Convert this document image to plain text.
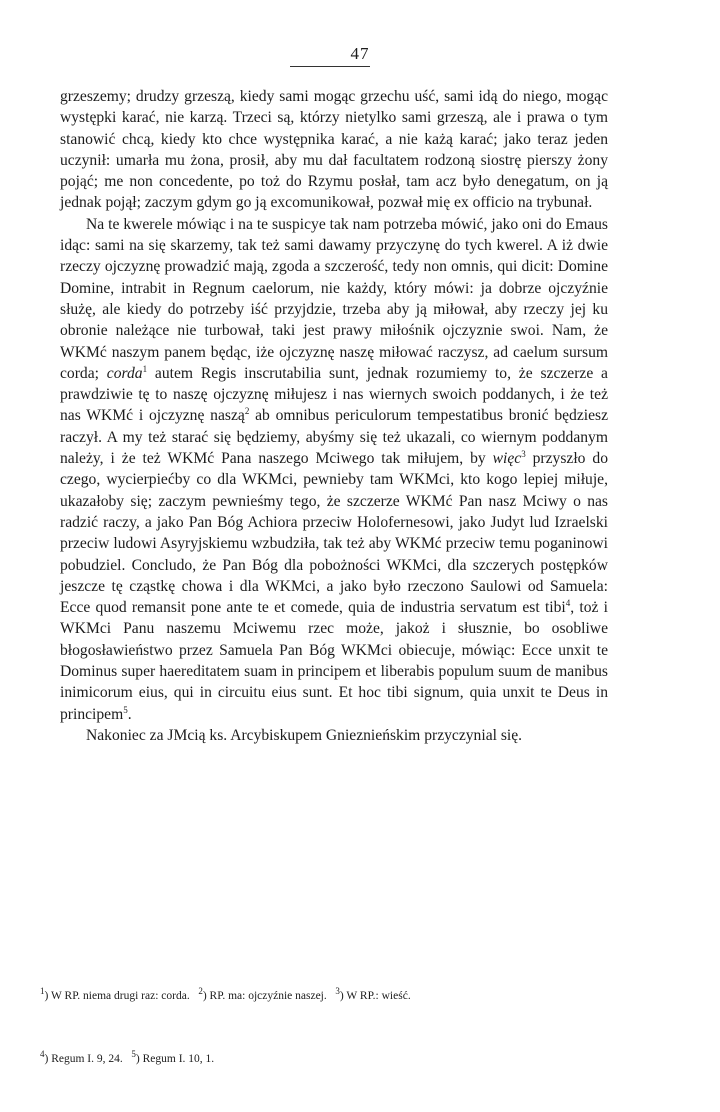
47

grzeszemy; drudzy grzeszą, kiedy sami mogąc grzechu uść, sami idą do niego, mogąc występki karać, nie karzą. Trzeci są, którzy nietylko sami grzeszą, ale i prawa o tym stanowić chcą, kiedy kto chce występnika karać, a nie każą karać; jako teraz jeden uczynił: umarła mu żona, prosił, aby mu dał facultatem rodzoną siostrę pierszy żony pojąć; me non concedente, po toż do Rzymu posłał, tam acz było denegatum, on ją jednak pojął; zaczym gdym go ją excomunikował, pozwał mię ex officio na trybunał.

Na te kwerele mówiąc i na te suspicye tak nam potrzeba mówić, jako oni do Emaus idąc: sami na się skarzemy, tak też sami dawamy przyczynę do tych kwerel. A iż dwie rzeczy ojczyznę prowadzić mają, zgoda a szczerość, tedy non omnis, qui dicit: Domine Domine, intrabit in Regnum caelorum, nie każdy, który mówi: ja dobrze ojczyźnie służę, ale kiedy do potrzeby iść przyjdzie, trzeba aby ją miłował, aby rzeczy jej ku obronie należące nie turbował, taki jest prawy miłośnik ojczyznie swoi. Nam, że WKMć naszym panem będąc, iże ojczyznę naszę miłować raczysz, ad caelum sursum corda; corda$^1$ autem Regis inscrutabilia sunt, jednak rozumiemy to, że szczerze a prawdziwie tę to naszę ojczyznę miłujesz i nas wiernych swoich poddanych, i że też nas WKMć i ojczyznę naszą$^2$ ab omnibus periculorum tempestatibus bronić będziesz raczył. A my też starać się będziemy, abyśmy się też ukazali, co wiernym poddanym należy, i że też WKMć Pana naszego Mciwego tak miłujem, by więc$^3$ przyszło do czego, wycierpiećby co dla WKMci, pewnieby tam WKMci, kto kogo lepiej miłuje, ukazałoby się; zaczym pewnieśmy tego, że szczerze WKMć Pan nasz Mciwy o nas radzić raczy, a jako Pan Bóg Achiora przeciw Holofernesowi, jako Judyt lud Izraelski przeciw ludowi Asyryjskiemu wzbudziła, tak też aby WKMć przeciw temu poganinowi pobudziel. Concludo, że Pan Bóg dla pobożności WKMci, dla szczerych postępków jeszcze tę cząstkę chowa i dla WKMci, a jako było rzeczono Saulowi od Samuela: Ecce quod remansit pone ante te et comede, quia de industria servatum est tibi$^4$, toż i WKMci Panu naszemu Mciwemu rzec może, jakoż i słusznie, bo osobliwe błogosławieństwo przez Samuela Pan Bóg WKMci obiecuje, mówiąc: Ecce unxit te Dominus super haereditatem suam in principem et liberabis populum suum de manibus inimicorum eius, qui in circuitu eius sunt. Et hoc tibi signum, quia unxit te Deus in principem$^5$.

Nakoniec za JMcią ks. Arcybiskupem Gnieznieńskim przyczynial się.

$^1$) W RP. niema drugi raz: corda.   $^2$) RP. ma: ojczyźnie naszej.   $^3$) W RP.: wieść.

$^4$) Regum I. 9, 24.   $^5$) Regum I. 10, 1.
